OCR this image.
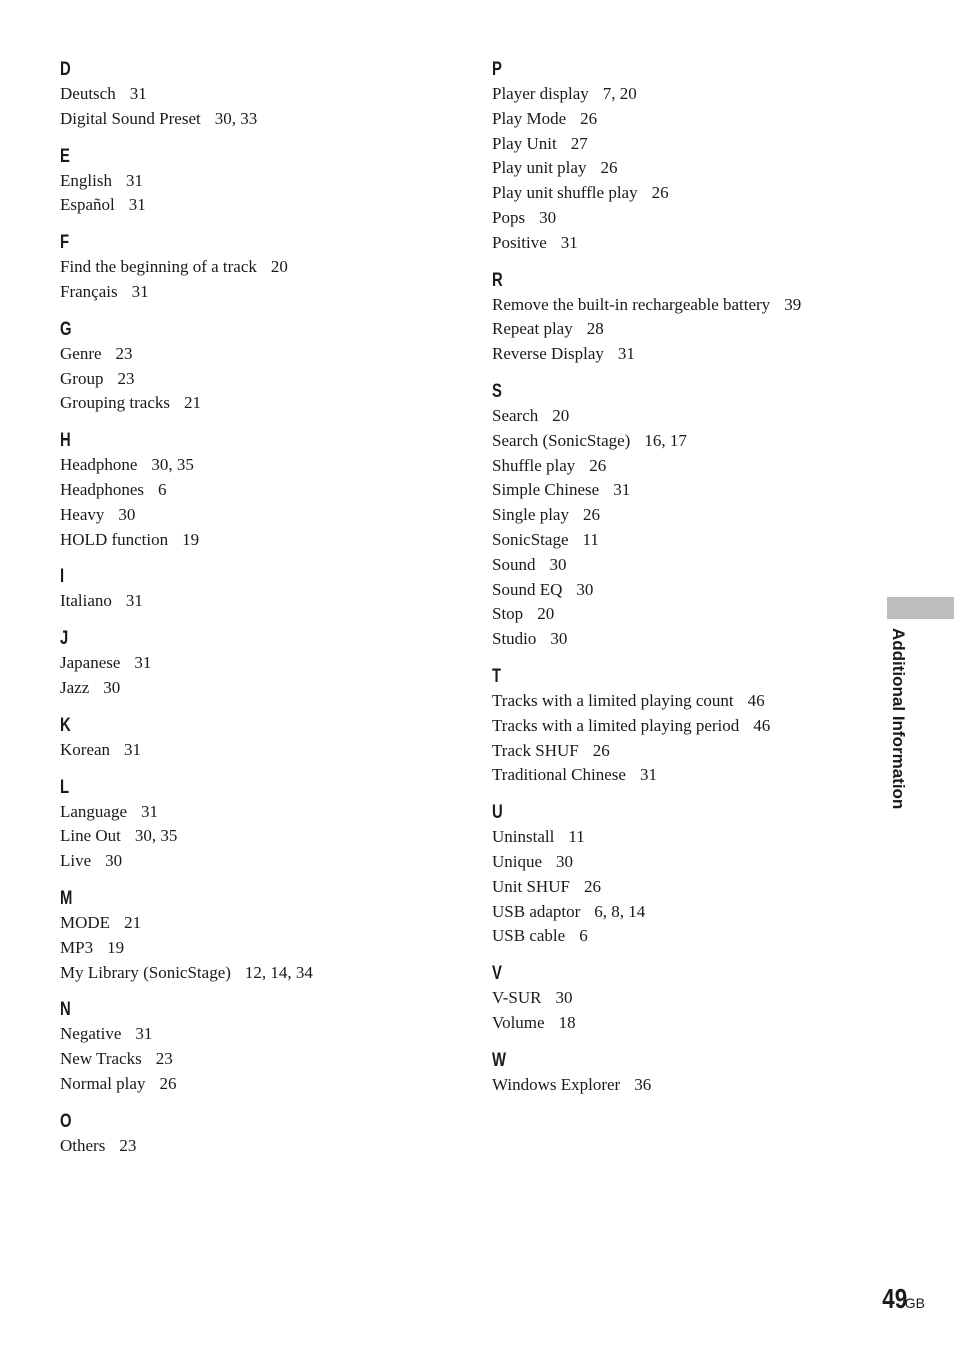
D
Deutsch 31
Digital Sound Preset 30, 33
E
English 31
Español 31
F
Find the beginning of a track 20
Français 31
G
Genre 23
Group 23
Grouping tracks 21
H
Headphone 30, 35
Headphones 6
Heavy 30
HOLD function 19
I
Italiano 31
J
Japanese 31
Jazz 30
K
Korean 31
L
Language 31
Line Out 30, 35
Live 30
M
MODE 21
MP3 19
My Library (SonicStage) 12, 14, 34
N
Negative 31
New Tracks 23
Normal play 26
O
Others 23
P
Player display 7, 20
Play Mode 26
Play Unit 27
Play unit play 26
Play unit shuffle play 26
Pops 30
Positive 31
R
Remove the built-in rechargeable battery 39
Repeat play 28
Reverse Display 31
S
Search 20
Search (SonicStage) 16, 17
Shuffle play 26
Simple Chinese 31
Single play 26
SonicStage 11
Sound 30
Sound EQ 30
Stop 20
Studio 30
T
Tracks with a limited playing count 46
Tracks with a limited playing period 46
Track SHUF 26
Traditional Chinese 31
U
Uninstall 11
Unique 30
Unit SHUF 26
USB adaptor 6, 8, 14
USB cable 6
V
V-SUR 30
Volume 18
W
Windows Explorer 36
Additional Information
49GB
